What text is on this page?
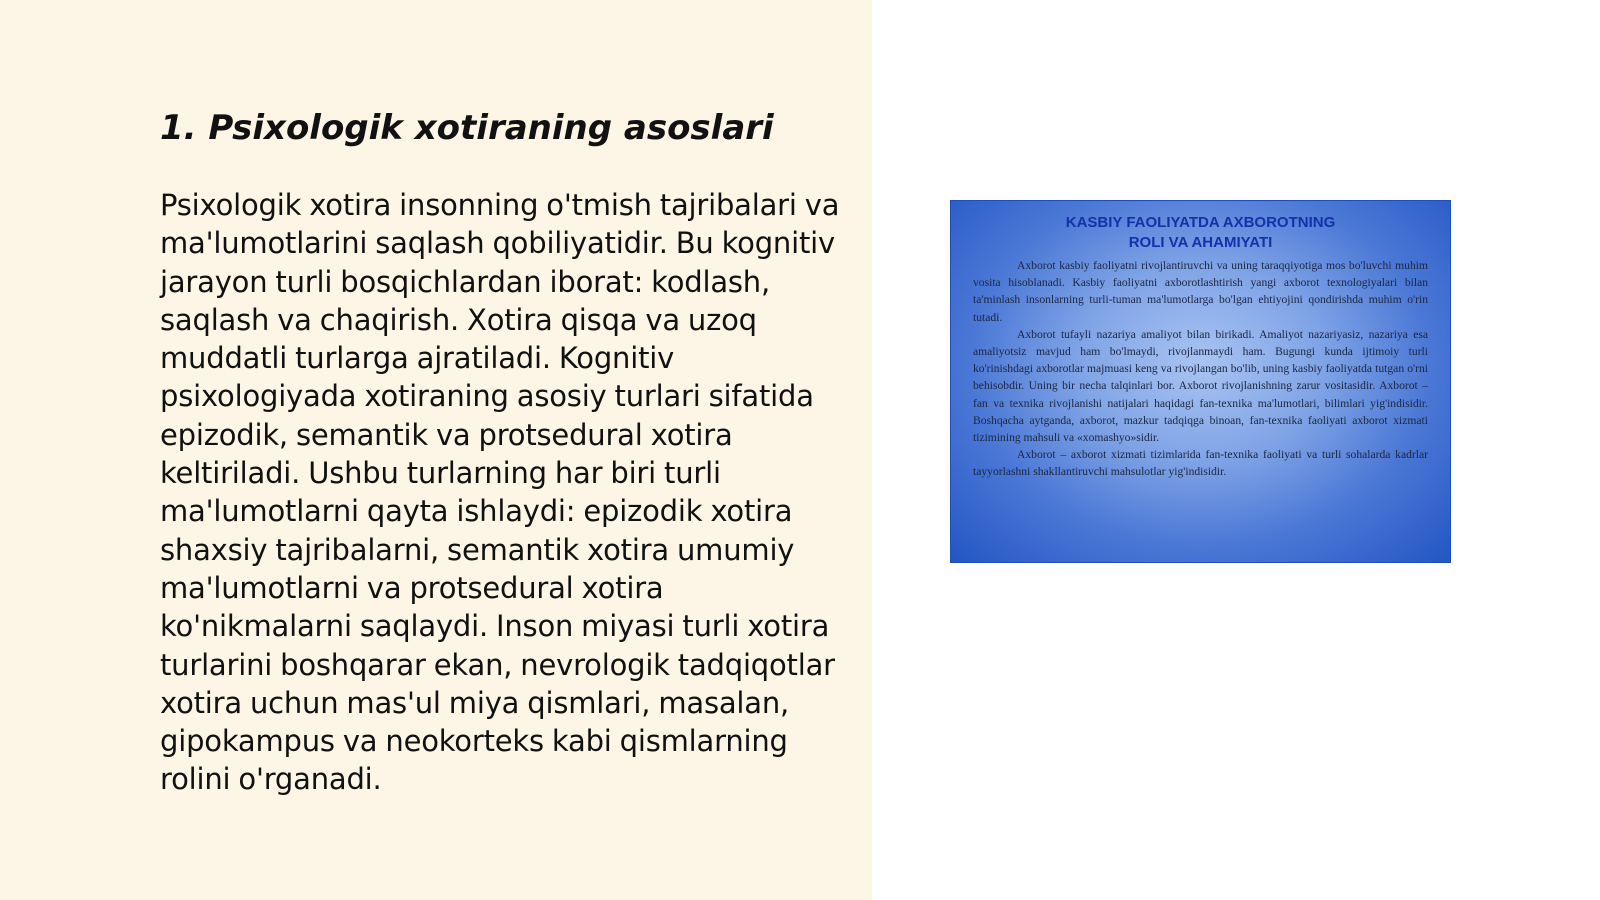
1. Psixologik xotiraning asoslari

Psixologik xotira insonning o'tmish tajribalari va ma'lumotlarini saqlash qobiliyatidir. Bu kognitiv jarayon turli bosqichlardan iborat: kodlash, saqlash va chaqirish. Xotira qisqa va uzoq muddatli turlarga ajratiladi. Kognitiv psixologiyada xotiraning asosiy turlari sifatida epizodik, semantik va protsedural xotira keltiriladi. Ushbu turlarning har biri turli ma'lumotlarni qayta ishlaydi: epizodik xotira shaxsiy tajribalarni, semantik xotira umumiy ma'lumotlarni va protsedural xotira ko'nikmalarni saqlaydi. Inson miyasi turli xotira turlarini boshqarar ekan, nevrologik tadqiqotlar xotira uchun mas'ul miya qismlari, masalan, gipokampus va neokorteks kabi qismlarning rolini o'rganadi.

KASBIY FAOLIYATDA AXBOROTNING
ROLI VA AHAMIYATI

Axborot kasbiy faoliyatni rivojlantiruvchi va uning taraqqiyotiga mos bo'luvchi muhim vosita hisoblanadi. Kasbiy faoliyatni axborotlashtirish yangi axborot texnologiyalari bilan ta'minlash insonlarning turli-tuman ma'lumotlarga bo'lgan ehtiyojini qondirishda muhim o'rin tutadi.

Axborot tufayli nazariya amaliyot bilan birikadi. Amaliyot nazariyasiz, nazariya esa amaliyotsiz mavjud ham bo'lmaydi, rivojlanmaydi ham. Bugungi kunda ijtimoiy turli ko'rinishdagi axborotlar majmuasi keng va rivojlangan bo'lib, uning kasbiy faoliyatda tutgan o'rni behisobdir. Uning bir necha talqinlari bor. Axborot rivojlanishning zarur vositasidir. Axborot – fan va texnika rivojlanishi natijalari haqidagi fan-texnika ma'lumotlari, bilimlari yig'indisidir. Boshqacha aytganda, axborot, mazkur tadqiqga binoan, fan-texnika faoliyati axborot xizmati tizimining mahsuli va «xomashyo»sidir.

Axborot – axborot xizmati tizimlarida fan-texnika faoliyati va turli sohalarda kadrlar tayyorlashni shakllantiruvchi mahsulotlar yig'indisidir.
